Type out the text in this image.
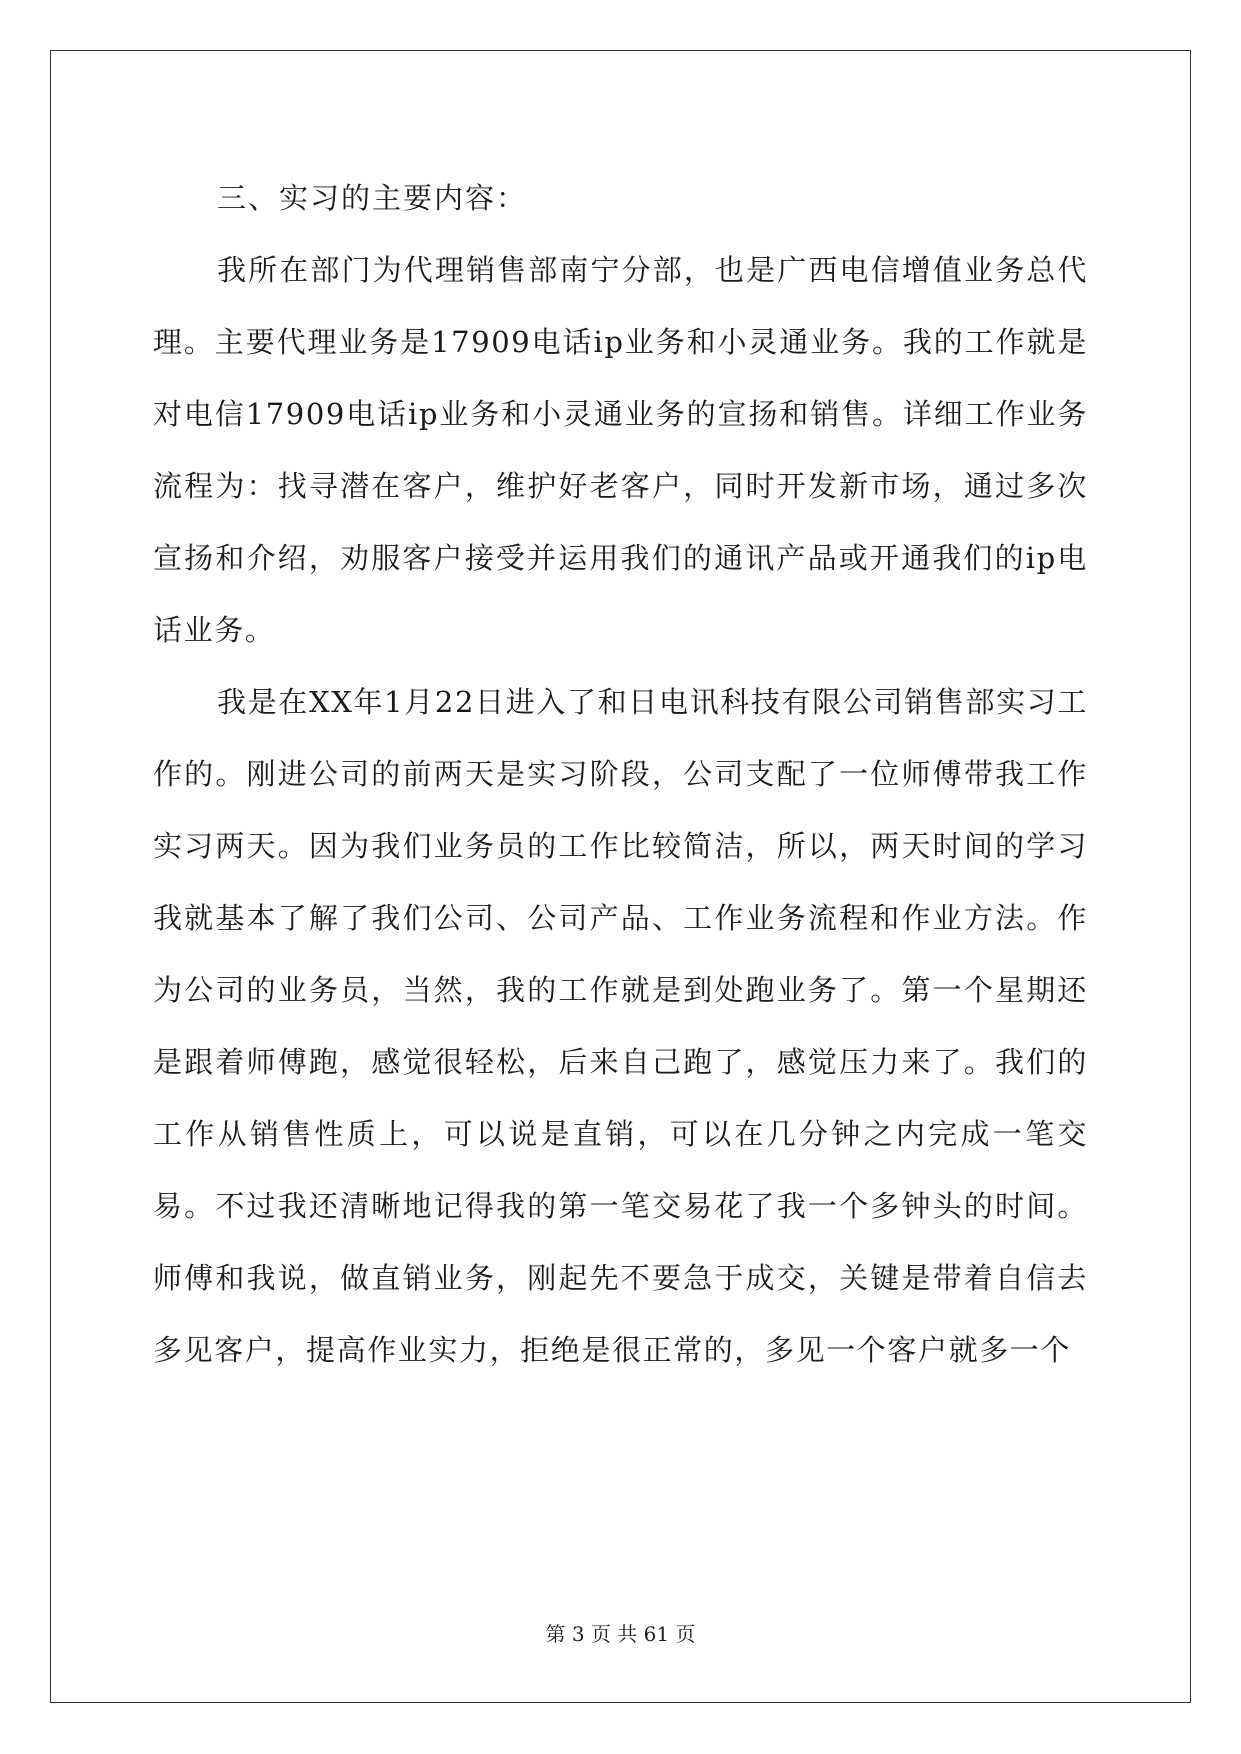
三、实习的主要内容：

我所在部门为代理销售部南宁分部，也是广西电信增值业务总代理。主要代理业务是17909电话ip业务和小灵通业务。我的工作就是对电信17909电话ip业务和小灵通业务的宣扬和销售。详细工作业务流程为：找寻潜在客户，维护好老客户，同时开发新市场，通过多次宣扬和介绍，劝服客户接受并运用我们的通讯产品或开通我们的ip电话业务。

我是在XX年1月22日进入了和日电讯科技有限公司销售部实习工作的。刚进公司的前两天是实习阶段，公司支配了一位师傅带我工作实习两天。因为我们业务员的工作比较简洁，所以，两天时间的学习我就基本了解了我们公司、公司产品、工作业务流程和作业方法。作为公司的业务员，当然，我的工作就是到处跑业务了。第一个星期还是跟着师傅跑，感觉很轻松，后来自己跑了，感觉压力来了。我们的工作从销售性质上，可以说是直销，可以在几分钟之内完成一笔交易。不过我还清晰地记得我的第一笔交易花了我一个多钟头的时间。师傅和我说，做直销业务，刚起先不要急于成交，关键是带着自信去多见客户，提高作业实力，拒绝是很正常的，多见一个客户就多一个

第 3 页 共 61 页
